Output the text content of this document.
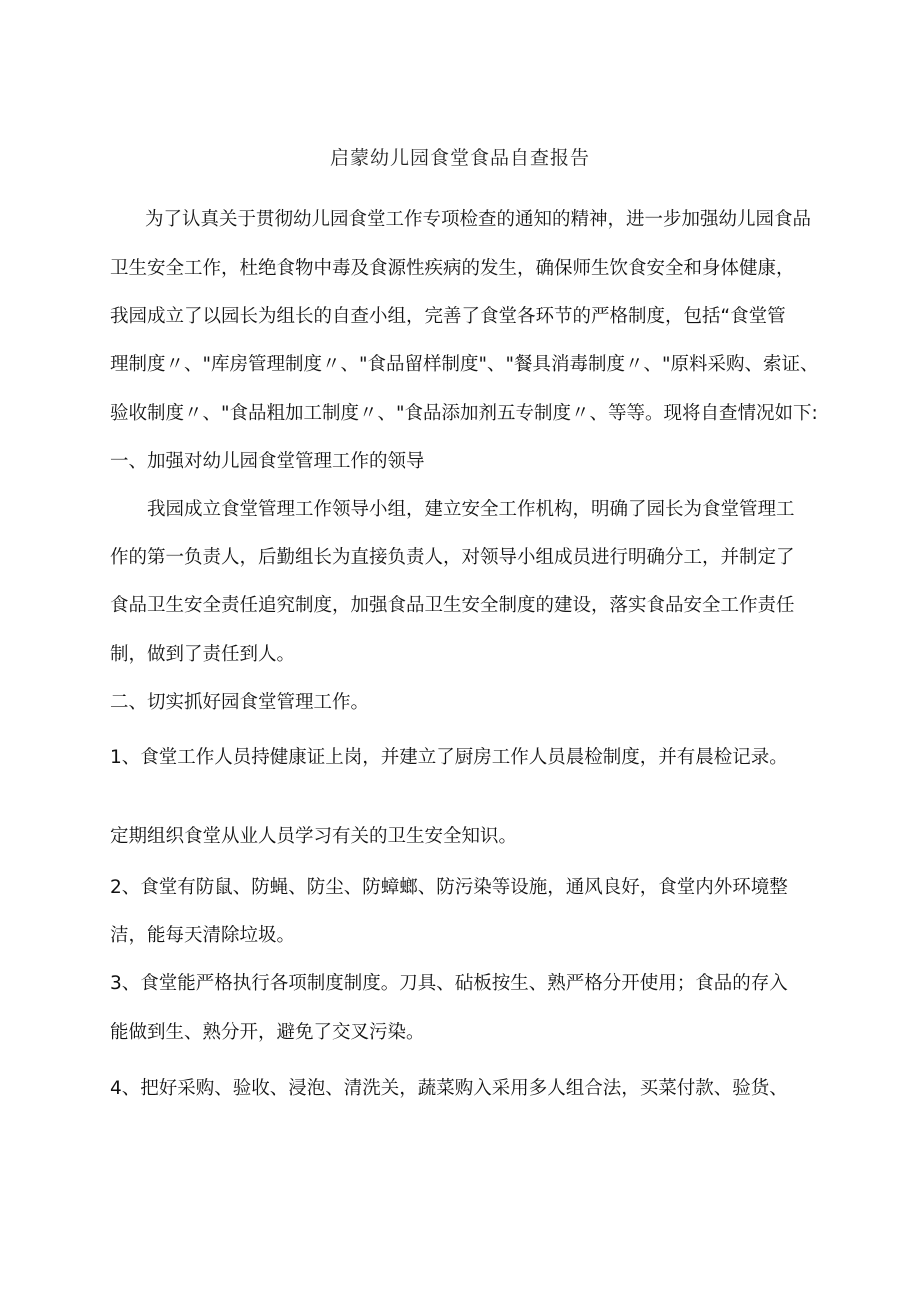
启蒙幼儿园食堂食品自查报告
为了认真关于贯彻幼儿园食堂工作专项检查的通知的精神，进一步加强幼儿园食品
卫生安全工作，杜绝食物中毒及食源性疾病的发生，确保师生饮食安全和身体健康，
我园成立了以园长为组长的自查小组，完善了食堂各环节的严格制度，包括“食堂管
理制度〃、"库房管理制度〃、"食品留样制度"、"餐具消毒制度〃、"原料采购、索证、
验收制度〃、"食品粗加工制度〃、"食品添加剂五专制度〃、等等。现将自查情况如下:
一、加强对幼儿园食堂管理工作的领导
我园成立食堂管理工作领导小组，建立安全工作机构，明确了园长为食堂管理工
作的第一负责人，后勤组长为直接负责人，对领导小组成员进行明确分工，并制定了
食品卫生安全责任追究制度，加强食品卫生安全制度的建设，落实食品安全工作责任
制，做到了责任到人。
二、切实抓好园食堂管理工作。
1、食堂工作人员持健康证上岗，并建立了厨房工作人员晨检制度，并有晨检记录。
定期组织食堂从业人员学习有关的卫生安全知识。
2、食堂有防鼠、防蝇、防尘、防蟑螂、防污染等设施，通风良好，食堂内外环境整
洁，能每天清除垃圾。
3、食堂能严格执行各项制度制度。刀具、砧板按生、熟严格分开使用；食品的存入
能做到生、熟分开，避免了交叉污染。
4、把好采购、验收、浸泡、清洗关，蔬菜购入采用多人组合法，买菜付款、验货、
